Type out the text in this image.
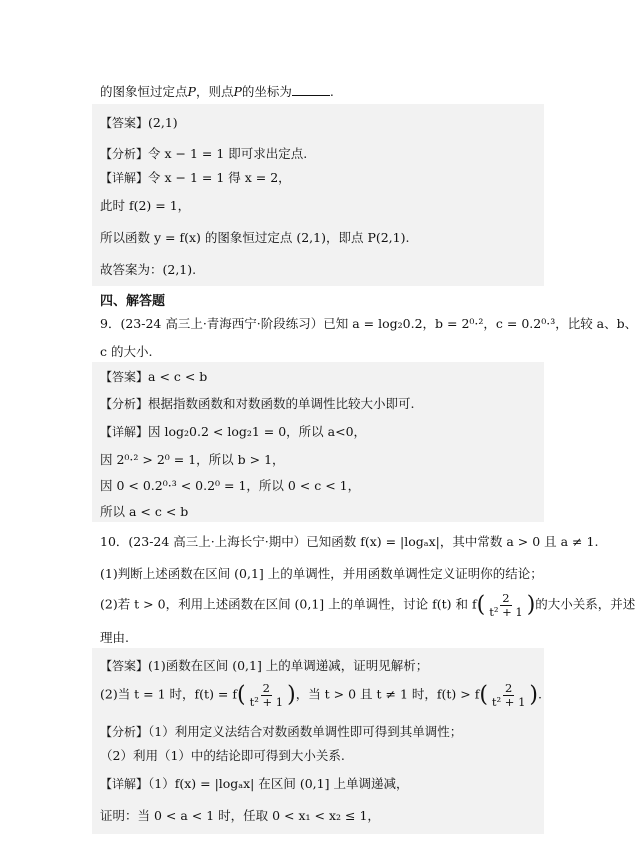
的图象恒过定点P，则点P的坐标为	.
【答案】(2,1)
【分析】令 x − 1 = 1 即可求出定点.
【详解】令 x − 1 = 1 得 x = 2，
此时 f(2) = 1，
所以函数 y = f(x) 的图象恒过定点 (2,1)，即点 P(2,1).
故答案为：(2,1).
四、解答题
9．(23-24 高三上·青海西宁·阶段练习）已知 a = log₂0.2，b = 2⁰·²，c = 0.2⁰·³，比较 a、b、
c 的大小.
【答案】a < c < b
【分析】根据指数函数和对数函数的单调性比较大小即可.
【详解】因 log₂0.2 < log₂1 = 0，所以 a<0，
因 2⁰·² > 2⁰ = 1，所以 b > 1，
因 0 < 0.2⁰·³ < 0.2⁰ = 1，所以 0 < c < 1，
所以 a < c < b
10．(23-24 高三上·上海长宁·期中）已知函数 f(x) = |logₐx|，其中常数 a > 0 且 a ≠ 1.
(1)判断上述函数在区间 (0,1] 上的单调性，并用函数单调性定义证明你的结论；
(2)若 t > 0，利用上述函数在区间 (0,1] 上的单调性，讨论 f(t) 和 $f( \frac{2}{\text{t² + 1}}$ )的大小关系，并述
理由.
【答案】(1)函数在区间 (0,1] 上的单调递减，证明见解析；
(2)当 t = 1 时，$f(t) = f( \frac{2}{\text{t² + 1}}$ )，当 t > 0 且 t ≠ 1 时，$f(t) > f( \frac{2}{\text{t² + 1}}$ ).
【分析】（1）利用定义法结合对数函数单调性即可得到其单调性；
（2）利用（1）中的结论即可得到大小关系.
【详解】（1）f(x) = |logₐx| 在区间 (0,1] 上单调递减，
证明：当 0 < a < 1 时，任取 0 < x₁ < x₂ ≤ 1，
